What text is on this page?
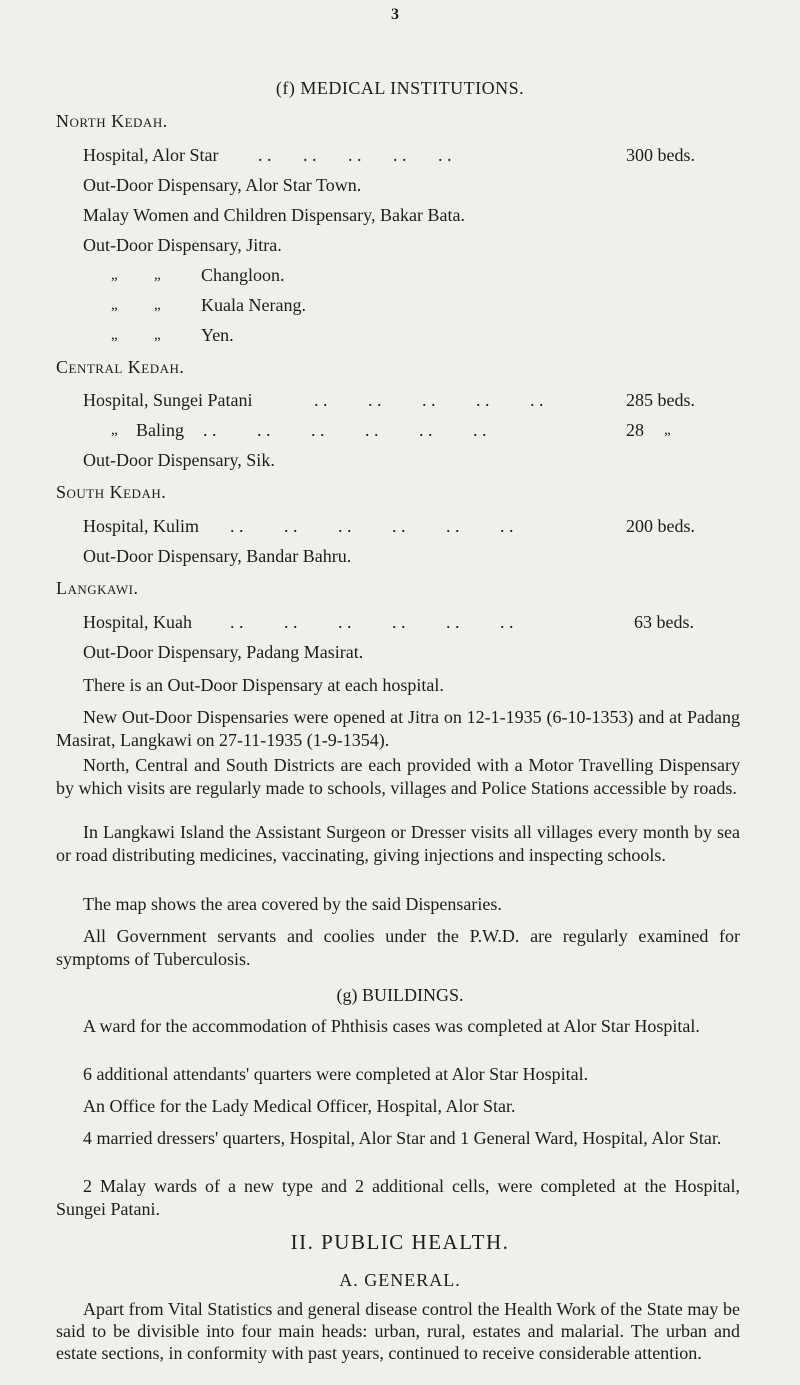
3
(f) MEDICAL INSTITUTIONS.
North Kedah.
Hospital, Alor Star . .       . .       . .       . .       . .	300 beds.
Out-Door Dispensary, Alor Star Town.
Malay Women and Children Dispensary, Bakar Bata.
Out-Door Dispensary, Jitra.
„ „ Changloon.
„ „ Kuala Nerang.
„ „ Yen.
Central Kedah.
Hospital, Sungei Patani	. .         . .         . .         . .         . .	285 beds.
„ Baling . .         . .         . .         . .         . .         . .	28 „
Out-Door Dispensary, Sik.
South Kedah.
Hospital, Kulim . .         . .         . .         . .         . .         . .	200 beds.
Out-Door Dispensary, Bandar Bahru.
Langkawi.
Hospital, Kuah . .         . .         . .         . .         . .         . .	63 beds.
Out-Door Dispensary, Padang Masirat.
There is an Out-Door Dispensary at each hospital.

New Out-Door Dispensaries were opened at Jitra on 12-1-1935 (6-10-1353) and at Padang Masirat, Langkawi on 27-11-1935 (1-9-1354).

North, Central and South Districts are each provided with a Motor Travelling Dispensary by which visits are regularly made to schools, villages and Police Stations accessible by roads.

In Langkawi Island the Assistant Surgeon or Dresser visits all villages every month by sea or road distributing medicines, vaccinating, giving injections and inspecting schools.

The map shows the area covered by the said Dispensaries.

All Government servants and coolies under the P.W.D. are regularly examined for symptoms of Tuberculosis.

(g) BUILDINGS.

A ward for the accommodation of Phthisis cases was completed at Alor Star Hospital.

6 additional attendants' quarters were completed at Alor Star Hospital.

An Office for the Lady Medical Officer, Hospital, Alor Star.

4 married dressers' quarters, Hospital, Alor Star and 1 General Ward, Hospital, Alor Star.

2 Malay wards of a new type and 2 additional cells, were completed at the Hospital, Sungei Patani.

II. PUBLIC HEALTH.
A. GENERAL.

Apart from Vital Statistics and general disease control the Health Work of the State may be said to be divisible into four main heads: urban, rural, estates and malarial. The urban and estate sections, in conformity with past years, continued to receive considerable attention.
